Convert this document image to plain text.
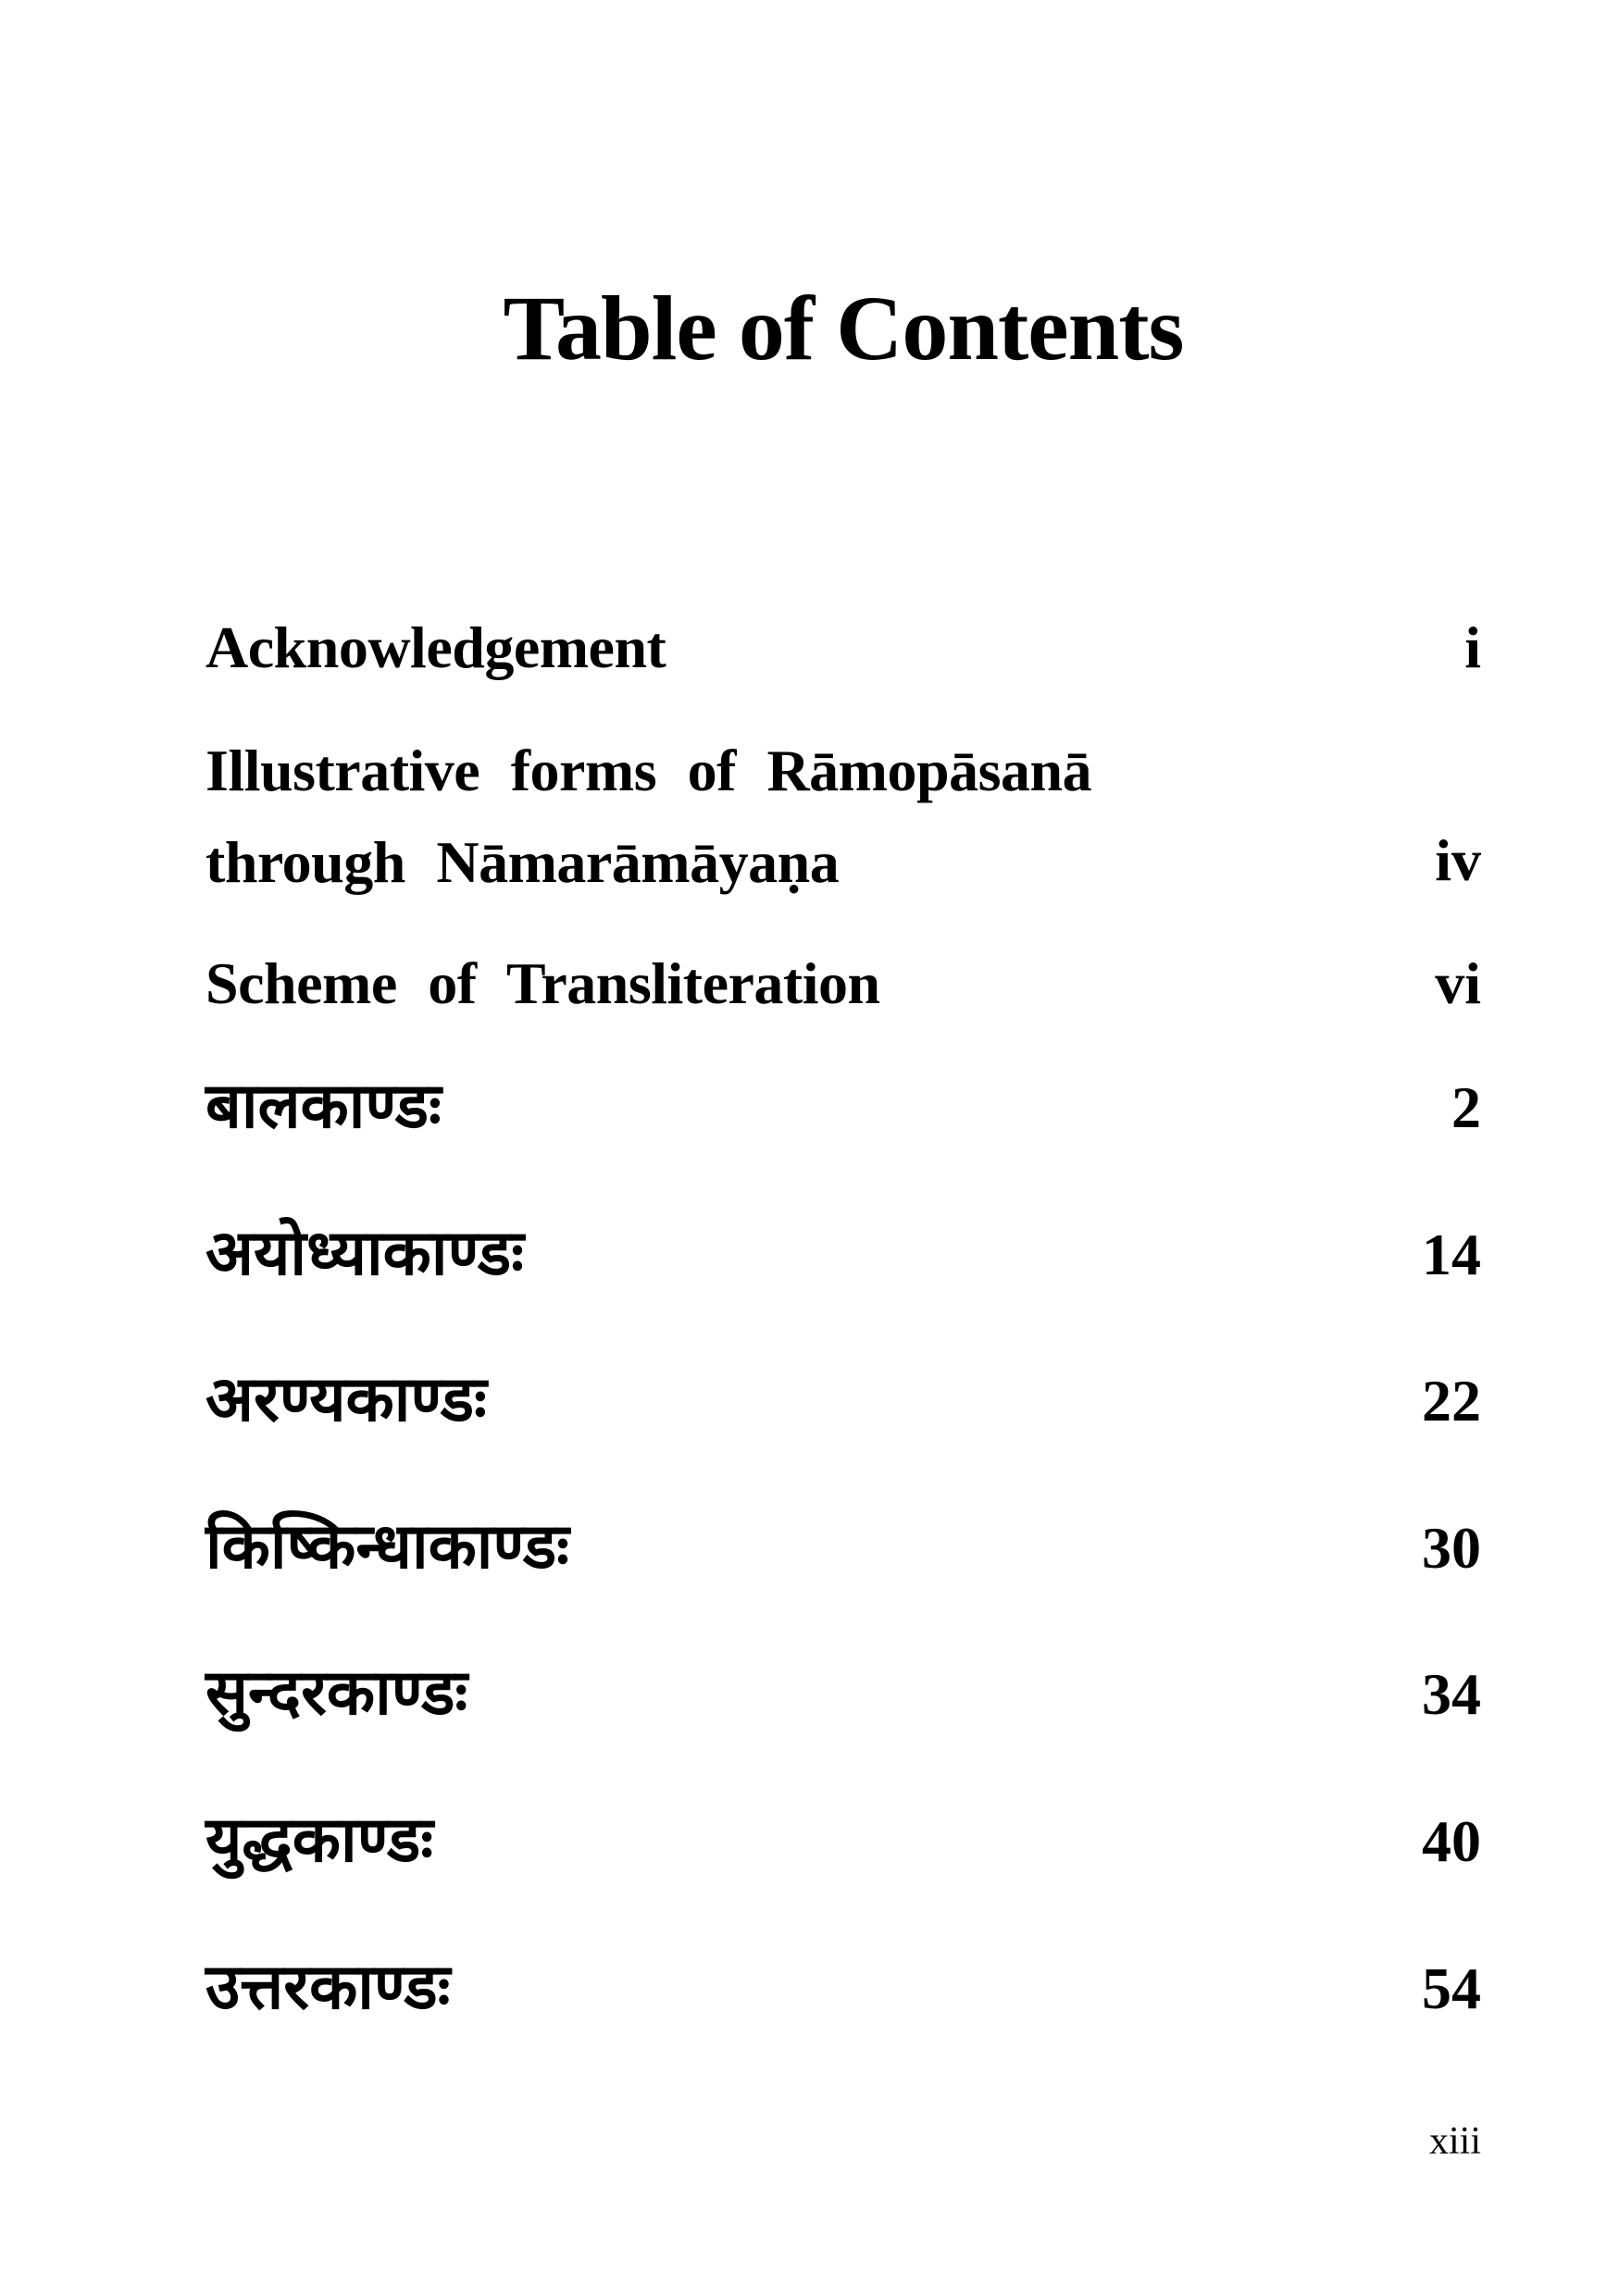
Table of Contents
Acknowledgement	i
Illustrative forms of Rāmopāsanā
through Nāmarāmāyaṇa	iv
Scheme of Transliteration	vi
बालकाण्डः	2
अयोध्याकाण्डः	14
अरण्यकाण्डः	22
किष्किन्धाकाण्डः	30
सुन्दरकाण्डः	34
युद्धकाण्डः	40
उत्तरकाण्डः	54
xiii
